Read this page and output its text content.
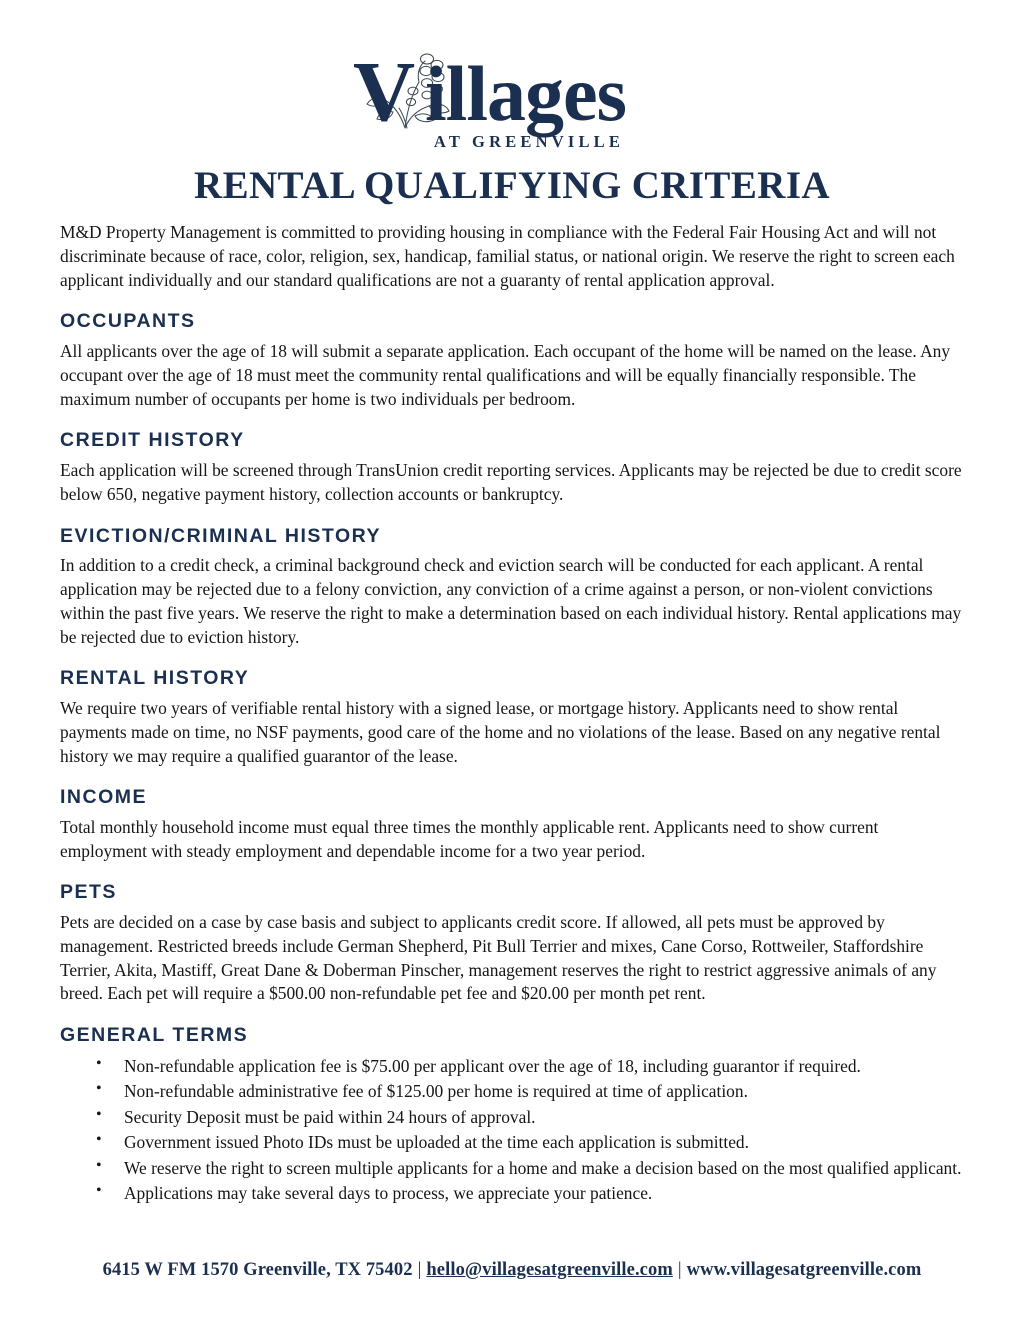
V illages
AT GREENVILLE
RENTAL QUALIFYING CRITERIA

M&D Property Management is committed to providing housing in compliance with the Federal Fair Housing Act and will not discriminate because of race, color, religion, sex, handicap, familial status, or national origin. We reserve the right to screen each applicant individually and our standard qualifications are not a guaranty of rental application approval.

OCCUPANTS

All applicants over the age of 18 will submit a separate application. Each occupant of the home will be named on the lease. Any occupant over the age of 18 must meet the community rental qualifications and will be equally financially responsible. The maximum number of occupants per home is two individuals per bedroom.

CREDIT HISTORY

Each application will be screened through TransUnion credit reporting services. Applicants may be rejected be due to credit score below 650, negative payment history, collection accounts or bankruptcy.

EVICTION/CRIMINAL HISTORY

In addition to a credit check, a criminal background check and eviction search will be conducted for each applicant. A rental application may be rejected due to a felony conviction, any conviction of a crime against a person, or non-violent convictions within the past five years. We reserve the right to make a determination based on each individual history. Rental applications may be rejected due to eviction history.

RENTAL HISTORY

We require two years of verifiable rental history with a signed lease, or mortgage history. Applicants need to show rental payments made on time, no NSF payments, good care of the home and no violations of the lease. Based on any negative rental history we may require a qualified guarantor of the lease.

INCOME

Total monthly household income must equal three times the monthly applicable rent. Applicants need to show current employment with steady employment and dependable income for a two year period.

PETS

Pets are decided on a case by case basis and subject to applicants credit score. If allowed, all pets must be approved by management. Restricted breeds include German Shepherd, Pit Bull Terrier and mixes, Cane Corso, Rottweiler, Staffordshire Terrier, Akita, Mastiff, Great Dane & Doberman Pinscher, management reserves the right to restrict aggressive animals of any breed. Each pet will require a $500.00 non-refundable pet fee and $20.00 per month pet rent.

GENERAL TERMS
• Non-refundable application fee is $75.00 per applicant over the age of 18, including guarantor if required.
• Non-refundable administrative fee of $125.00 per home is required at time of application.
• Security Deposit must be paid within 24 hours of approval.
• Government issued Photo IDs must be uploaded at the time each application is submitted.
• We reserve the right to screen multiple applicants for a home and make a decision based on the most qualified applicant.
• Applications may take several days to process, we appreciate your patience.
6415 W FM 1570 Greenville, TX 75402 | hello@villagesatgreenville.com | www.villagesatgreenville.com
